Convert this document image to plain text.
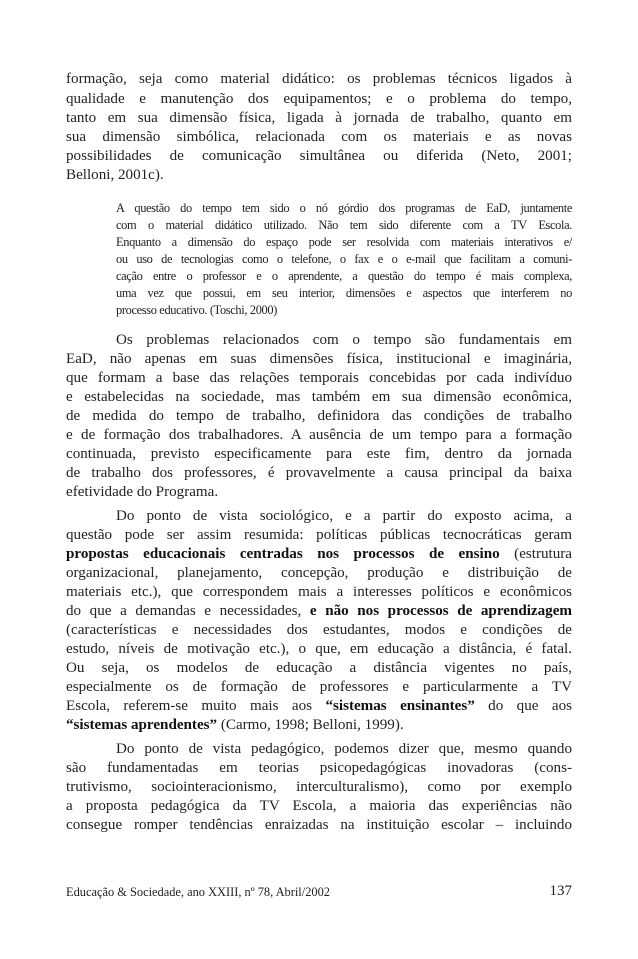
formação, seja como material didático: os problemas técnicos ligados à
qualidade e manutenção dos equipamentos; e o problema do tempo,
tanto em sua dimensão física, ligada à jornada de trabalho, quanto em
sua dimensão simbólica, relacionada com os materiais e as novas
possibilidades de comunicação simultânea ou diferida (Neto, 2001;
Belloni, 2001c).
A questão do tempo tem sido o nó górdio dos programas de EaD, juntamente
com o material didático utilizado. Não tem sido diferente com a TV Escola.
Enquanto a dimensão do espaço pode ser resolvida com materiais interativos e/
ou uso de tecnologias como o telefone, o fax e o e-mail que facilitam a comuni-
cação entre o professor e o aprendente, a questão do tempo é mais complexa,
uma vez que possui, em seu interior, dimensões e aspectos que interferem no
processo educativo. (Toschi, 2000)
Os problemas relacionados com o tempo são fundamentais em
EaD, não apenas em suas dimensões física, institucional e imaginária,
que formam a base das relações temporais concebidas por cada indivíduo
e estabelecidas na sociedade, mas também em sua dimensão econômica,
de medida do tempo de trabalho, definidora das condições de trabalho
e de formação dos trabalhadores. A ausência de um tempo para a formação
continuada, previsto especificamente para este fim, dentro da jornada
de trabalho dos professores, é provavelmente a causa principal da baixa
efetividade do Programa.
Do ponto de vista sociológico, e a partir do exposto acima, a
questão pode ser assim resumida: políticas públicas tecnocráticas geram
propostas educacionais centradas nos processos de ensino (estrutura
organizacional, planejamento, concepção, produção e distribuição de
materiais etc.), que correspondem mais a interesses políticos e econômicos
do que a demandas e necessidades, e não nos processos de aprendizagem
(características e necessidades dos estudantes, modos e condições de
estudo, níveis de motivação etc.), o que, em educação a distância, é fatal.
Ou seja, os modelos de educação a distância vigentes no país,
especialmente os de formação de professores e particularmente a TV
Escola, referem-se muito mais aos “sistemas ensinantes” do que aos
“sistemas aprendentes” (Carmo, 1998; Belloni, 1999).
Do ponto de vista pedagógico, podemos dizer que, mesmo quando
são fundamentadas em teorias psicopedagógicas inovadoras (cons-
trutivismo, sociointeracionismo, interculturalismo), como por exemplo
a proposta pedagógica da TV Escola, a maioria das experiências não
consegue romper tendências enraizadas na instituição escolar – incluindo
Educação & Sociedade, ano XXIII, nº 78, Abril/2002	137
